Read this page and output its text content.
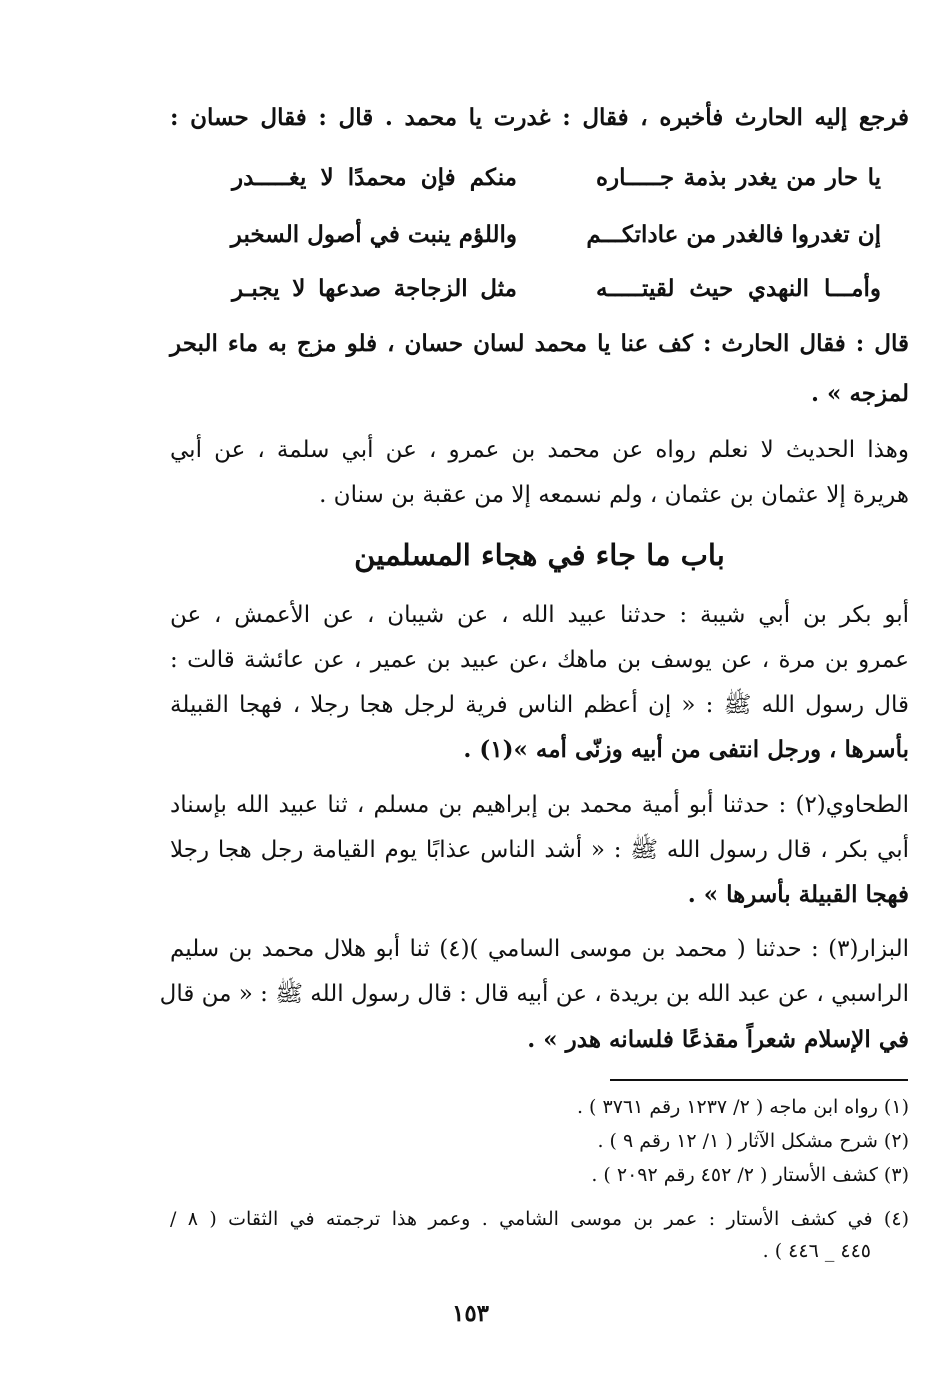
فرجع إليه الحارث فأخبره ، فقال : غدرت يا محمد . قال : فقال حسان :
يا حار من يغدر بذمة جـــــاره
منكم فإن محمدًا لا يغـــــدر
إن تغدروا فالغدر من عاداتكـــم
واللؤم ينبت في أصول السخبر
وأمـــا النهدي حيث لقيتـــــه
مثل الزجاجة صدعها لا يجبـر
قال : فقال الحارث : كف عنا يا محمد لسان حسان ، فلو مزج به ماء البحر
لمزجه » .
وهذا الحديث لا نعلم رواه عن محمد بن عمرو ، عن أبي سلمة ، عن أبي
هريرة إلا عثمان بن عثمان ، ولم نسمعه إلا من عقبة بن سنان .
باب ما جاء في هجاء المسلمين
أبو بكر بن أبي شيبة : حدثنا عبيد الله ، عن شيبان ، عن الأعمش ، عن
عمرو بن مرة ، عن يوسف بن ماهك ،عن عبيد بن عمير ، عن عائشة قالت :
قال رسول الله ﷺ : « إن أعظم الناس فرية لرجل هجا رجلا ، فهجا القبيلة
بأسرها ، ورجل انتفى من أبيه وزنّى أمه »(١) .
الطحاوي(٢) : حدثنا أبو أمية محمد بن إبراهيم بن مسلم ، ثنا عبيد الله بإسناد
أبي بكر ، قال رسول الله ﷺ : « أشد الناس عذابًا يوم القيامة رجل هجا رجلا
فهجا القبيلة بأسرها » .
البزار(٣) : حدثنا ( محمد بن موسى السامي )(٤) ثنا أبو هلال محمد بن سليم
الراسبي ، عن عبد الله بن بريدة ، عن أبيه قال : قال رسول الله ﷺ : « من قال
في الإسلام شعراً مقذعًا فلسانه هدر » .
(١) رواه ابن ماجه ( ٢/ ١٢٣٧ رقم ٣٧٦١ ) .
(٢) شرح مشكل الآثار ( ١/ ١٢ رقم ٩ ) .
(٣) كشف الأستار ( ٢/ ٤٥٢ رقم ٢٠٩٢ ) .
(٤) في كشف الأستار : عمر بن موسى الشامي . وعمر هذا ترجمته في الثقات ( ٨ /
٤٤٥ _ ٤٤٦ ) .
١٥٣
